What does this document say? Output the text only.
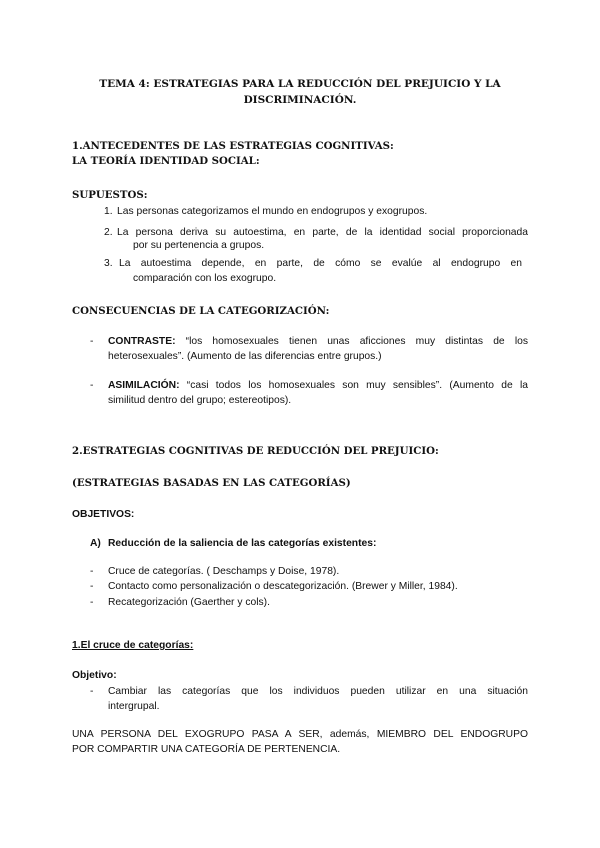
TEMA 4: ESTRATEGIAS PARA LA REDUCCIÓN DEL PREJUICIO Y LA
DISCRIMINACIÓN.
1.ANTECEDENTES DE LAS ESTRATEGIAS COGNITIVAS:
LA TEORÍA IDENTIDAD SOCIAL:
SUPUESTOS:
1. Las personas categorizamos el mundo en endogrupos y exogrupos.
2. La persona deriva su autoestima, en parte, de la identidad social proporcionada
por su pertenencia a grupos.
3. La autoestima depende, en parte, de cómo se evalúe al endogrupo en
comparación con los exogrupo.
CONSECUENCIAS DE LA CATEGORIZACIÓN:
- CONTRASTE: “los homosexuales tienen unas aficciones muy distintas de los
heterosexuales”. (Aumento de las diferencias entre grupos.)
- ASIMILACIÓN: “casi todos los homosexuales son muy sensibles”. (Aumento de la
similitud dentro del grupo; estereotipos).
2.ESTRATEGIAS COGNITIVAS DE REDUCCIÓN DEL PREJUICIO:
(ESTRATEGIAS BASADAS EN LAS CATEGORÍAS)
OBJETIVOS:
A) Reducción de la saliencia de las categorías existentes:
- Cruce de categorías. ( Deschamps y Doise, 1978).
- Contacto como personalización o descategorización. (Brewer y Miller, 1984).
- Recategorización (Gaerther y cols).
1.El cruce de categorías:
Objetivo:
- Cambiar las categorías que los individuos pueden utilizar en una situación
intergrupal.
UNA PERSONA DEL EXOGRUPO PASA A SER, además, MIEMBRO DEL ENDOGRUPO
POR COMPARTIR UNA CATEGORÍA DE PERTENENCIA.
